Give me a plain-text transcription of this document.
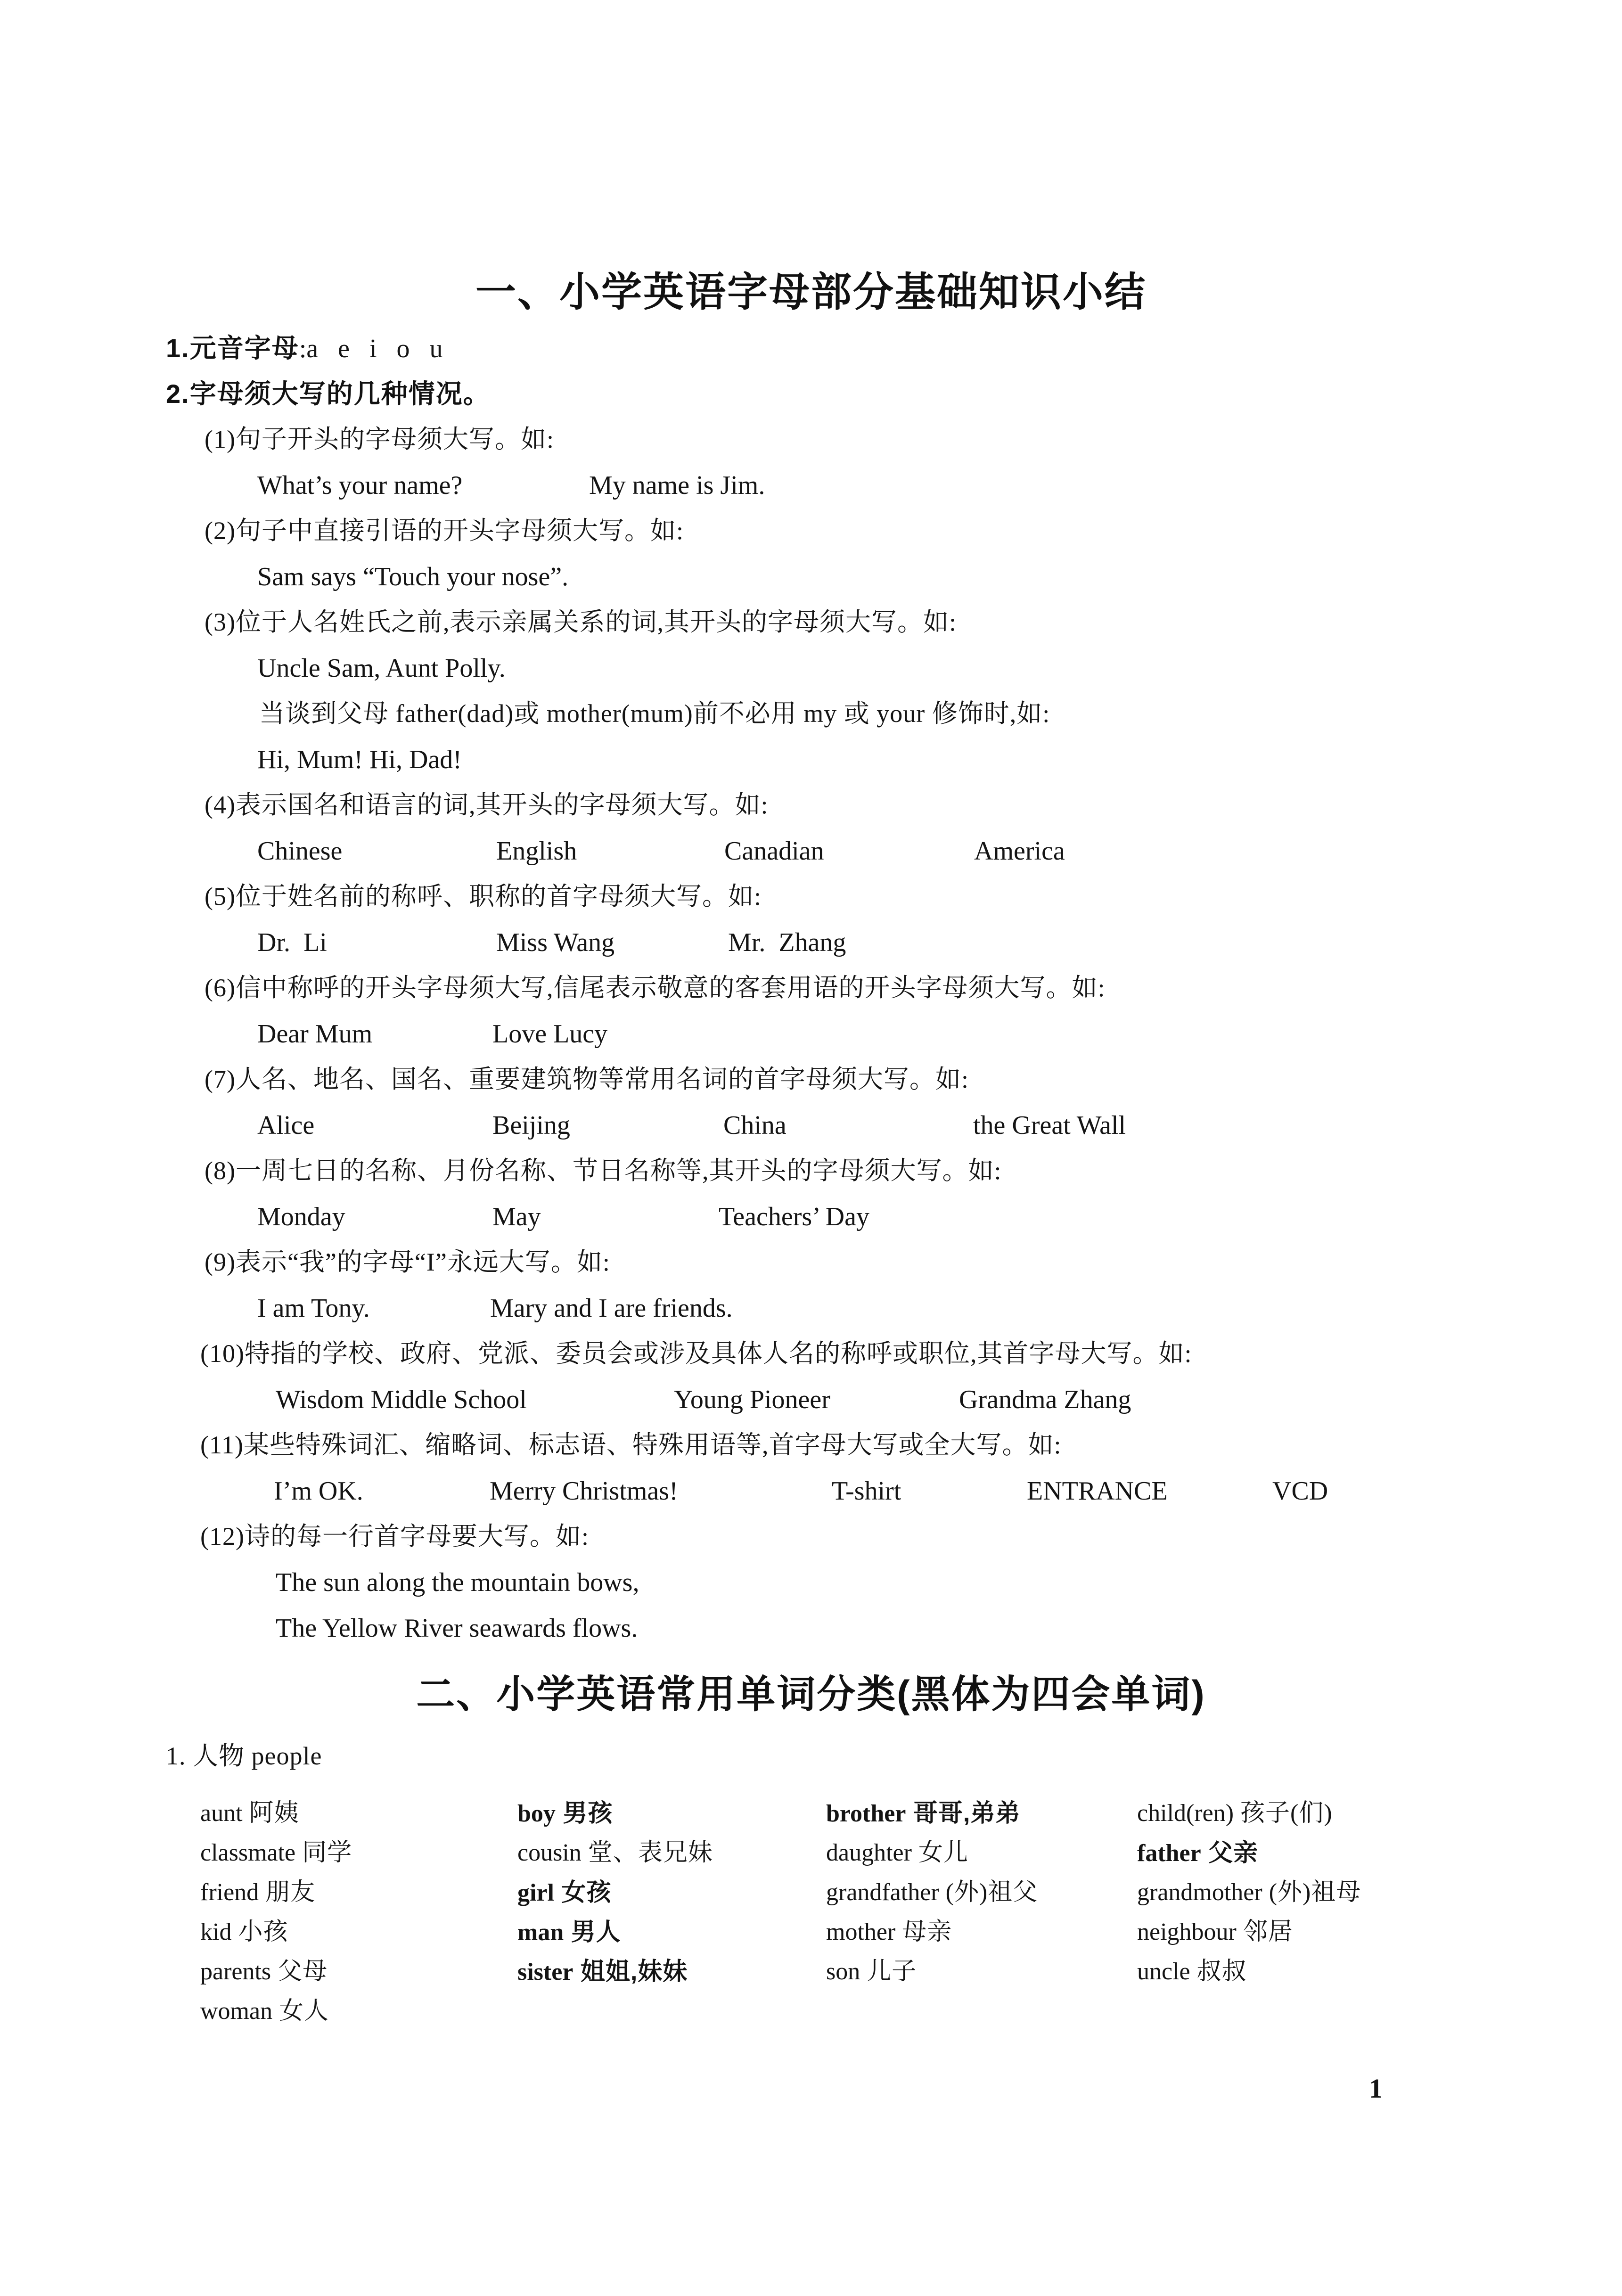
一、小学英语字母部分基础知识小结
1.元音字母:a   e   i   o   u
2.字母须大写的几种情况。
(1)句子开头的字母须大写。如:
What’s your name?	My name is Jim.
(2)句子中直接引语的开头字母须大写。如:
Sam says “Touch your nose”.
(3)位于人名姓氏之前,表示亲属关系的词,其开头的字母须大写。如:
Uncle Sam, Aunt Polly.
当谈到父母 father(dad)或 mother(mum)前不必用 my 或 your 修饰时,如:
Hi, Mum! Hi, Dad!
(4)表示国名和语言的词,其开头的字母须大写。如:
Chinese	English	Canadian	America
(5)位于姓名前的称呼、职称的首字母须大写。如:
Dr.  Li	Miss Wang	Mr.  Zhang
(6)信中称呼的开头字母须大写,信尾表示敬意的客套用语的开头字母须大写。如:
Dear Mum	Love Lucy
(7)人名、地名、国名、重要建筑物等常用名词的首字母须大写。如:
Alice	Beijing	China	the Great Wall
(8)一周七日的名称、月份名称、节日名称等,其开头的字母须大写。如:
Monday	May	Teachers’ Day
(9)表示“我”的字母“I”永远大写。如:
I am Tony.	Mary and I are friends.
(10)特指的学校、政府、党派、委员会或涉及具体人名的称呼或职位,其首字母大写。如:
Wisdom Middle School	Young Pioneer	Grandma Zhang
(11)某些特殊词汇、缩略词、标志语、特殊用语等,首字母大写或全大写。如:
I’m OK.	Merry Christmas!	T-shirt	ENTRANCE	VCD
(12)诗的每一行首字母要大写。如:
The sun along the mountain bows,
The Yellow River seawards flows.
二、小学英语常用单词分类(黑体为四会单词)
1. 人物 people
aunt 阿姨	boy 男孩	brother 哥哥,弟弟	child(ren) 孩子(们)
classmate 同学	cousin 堂、表兄妹	daughter 女儿	father 父亲
friend 朋友	girl 女孩	grandfather (外)祖父	grandmother (外)祖母
kid 小孩	man 男人	mother 母亲	neighbour 邻居
parents 父母	sister 姐姐,妹妹	son 儿子	uncle 叔叔
woman 女人
1
